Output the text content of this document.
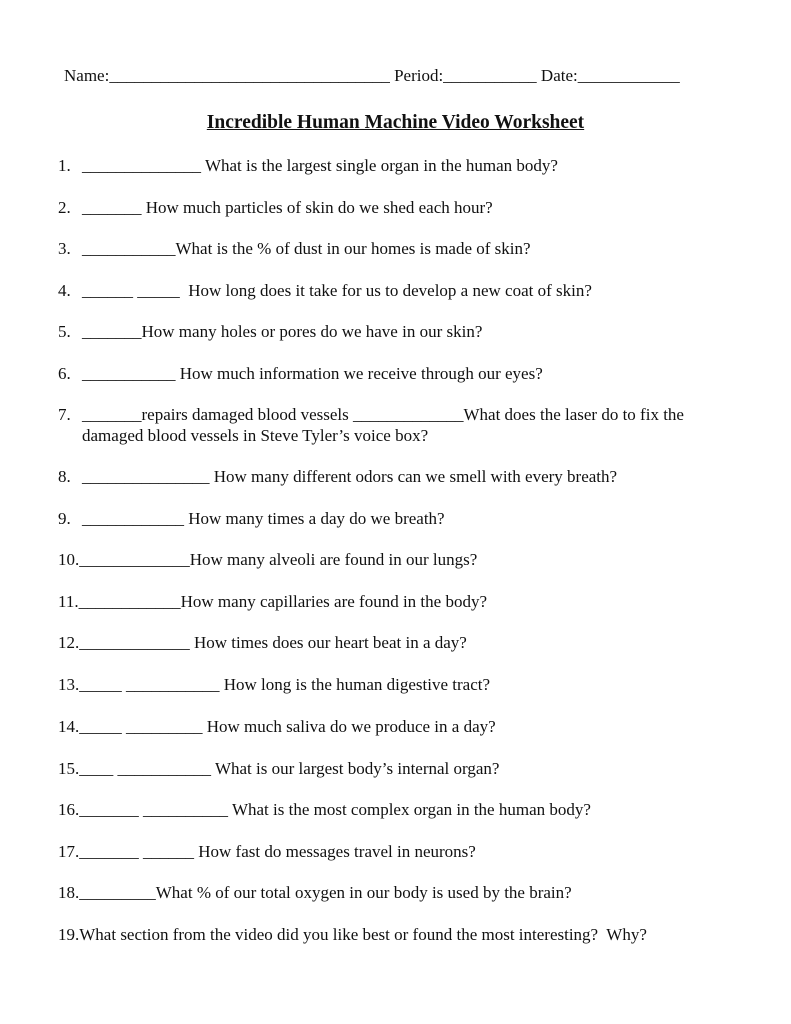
Name:_________________________________ Period:___________ Date:____________
Incredible Human Machine Video Worksheet
1. ______________ What is the largest single organ in the human body?
2. _______ How much particles of skin do we shed each hour?
3. ___________What is the % of dust in our homes is made of skin?
4. ______ _____  How long does it take for us to develop a new coat of skin?
5. _______How many holes or pores do we have in our skin?
6. ___________ How much information we receive through our eyes?
7. _______repairs damaged blood vessels _____________What does the laser do to fix the
damaged blood vessels in Steve Tyler’s voice box?
8. _______________ How many different odors can we smell with every breath?
9. ____________ How many times a day do we breath?
10._____________How many alveoli are found in our lungs?
11.____________How many capillaries are found in the body?
12._____________ How times does our heart beat in a day?
13._____ ___________ How long is the human digestive tract?
14._____ _________ How much saliva do we produce in a day?
15.____ ___________ What is our largest body’s internal organ?
16._______ __________ What is the most complex organ in the human body?
17._______ ______ How fast do messages travel in neurons?
18._________What % of our total oxygen in our body is used by the brain?
19.What section from the video did you like best or found the most interesting?  Why?
